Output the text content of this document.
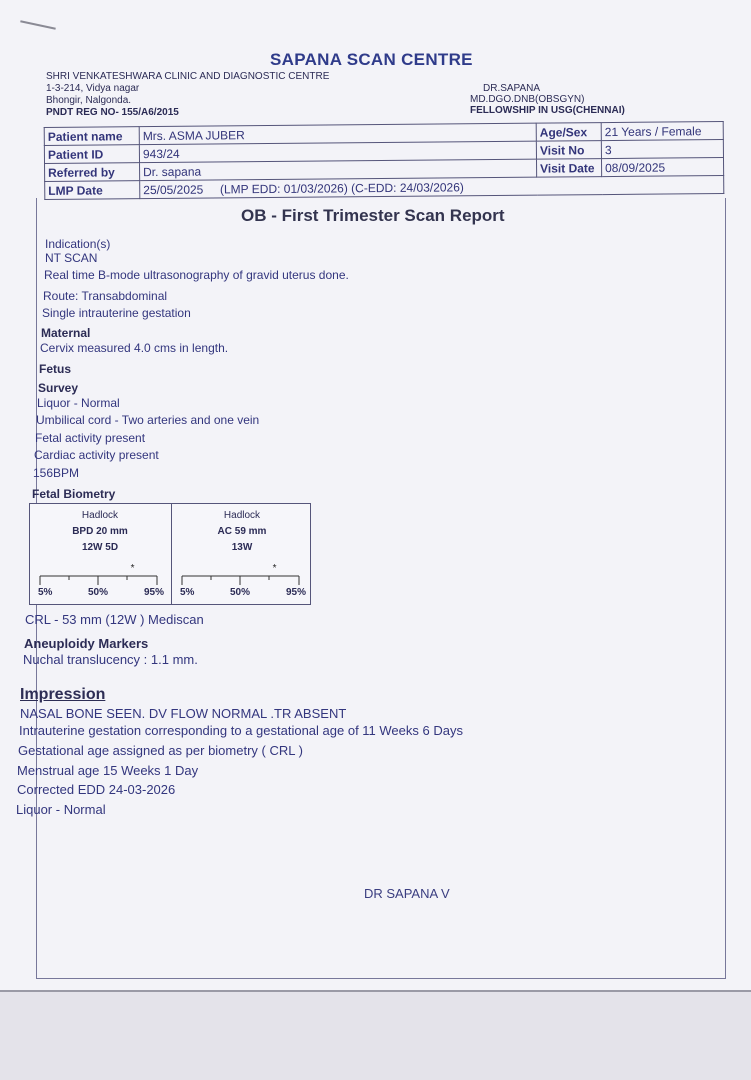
SAPANA SCAN CENTRE
SHRI VENKATESHWARA CLINIC AND DIAGNOSTIC CENTRE
1-3-214, Vidya nagar
Bhongir, Nalgonda.
PNDT REG NO- 155/A6/2015
DR.SAPANA
MD.DGO.DNB(OBSGYN)
FELLOWSHIP IN USG(CHENNAI)
Patient name	Mrs. ASMA JUBER	Age/Sex	21 Years / Female
Patient ID	943/24	Visit No	3
Referred by	Dr. sapana	Visit Date	08/09/2025
LMP Date	25/05/2025     (LMP EDD: 01/03/2026) (C-EDD: 24/03/2026)		
OB - First Trimester Scan Report
Indication(s)
NT SCAN
Real time B-mode ultrasonography of gravid uterus done.
Route: Transabdominal
Single intrauterine gestation
Maternal
Cervix measured 4.0 cms in length.
Fetus
Survey
Liquor - Normal
Umbilical cord - Two arteries and one vein
Fetal activity present
Cardiac activity present
156BPM
Fetal Biometry
Hadlock
BPD 20 mm
12W 5D
*
5%	50%	95%
Hadlock
AC 59 mm
13W
*
5%	50%	95%
CRL - 53 mm (12W ) Mediscan
Aneuploidy Markers
Nuchal translucency : 1.1 mm.
Impression
NASAL BONE SEEN. DV FLOW NORMAL .TR ABSENT
Intrauterine gestation corresponding to a gestational age of 11 Weeks 6 Days
Gestational age assigned as per biometry ( CRL )
Menstrual age 15 Weeks 1 Day
Corrected EDD 24-03-2026
Liquor - Normal
DR SAPANA V
